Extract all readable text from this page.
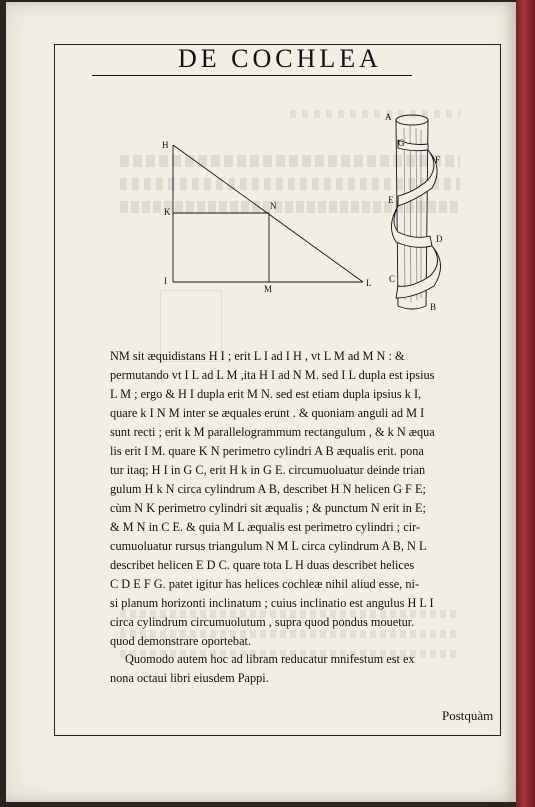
DE COCHLEA
H
K
N
I
M
L
A
G
F
E
D
C
B
NM sit æquidistans H I ; erit L I ad I H , vt L M ad M N : &
permutando vt I L ad L M ,ita H I ad N M. sed I L dupla est ipsius
L M ; ergo & H I dupla erit M N. sed est etiam dupla ipsius k I,
quare k I N M inter se æquales erunt . & quoniam anguli ad M I
sunt recti ; erit k M parallelogrammum rectangulum , & k N æqua
lis erit I M. quare K N perimetro cylindri A B æqualis erit. pona
tur itaq; H I in G C, erit H k in G E. circumuoluatur deinde trian
gulum H k N circa cylindrum A B, describet H N helicen G F E;
cùm N K perimetro cylindri sit æqualis ; & punctum N erit in E;
& M N in C E. & quia M L æqualis est perimetro cylindri ; cir-
cumuoluatur rursus triangulum N M L circa cylindrum A B, N L
describet helicen E D C. quare tota L H duas describet helices
C D E F G. patet igitur has helices cochleæ nihil aliud esse, ni-
si planum horizonti inclinatum ; cuius inclinatio est angulus H L I
circa cylindrum circumuolutum , supra quod pondus mouetur.
quod demonstrare oportebat.
Quomodo autem hoc ad libram reducatur mnifestum est ex
nona octaui libri eiusdem Pappi.
Postquàm
